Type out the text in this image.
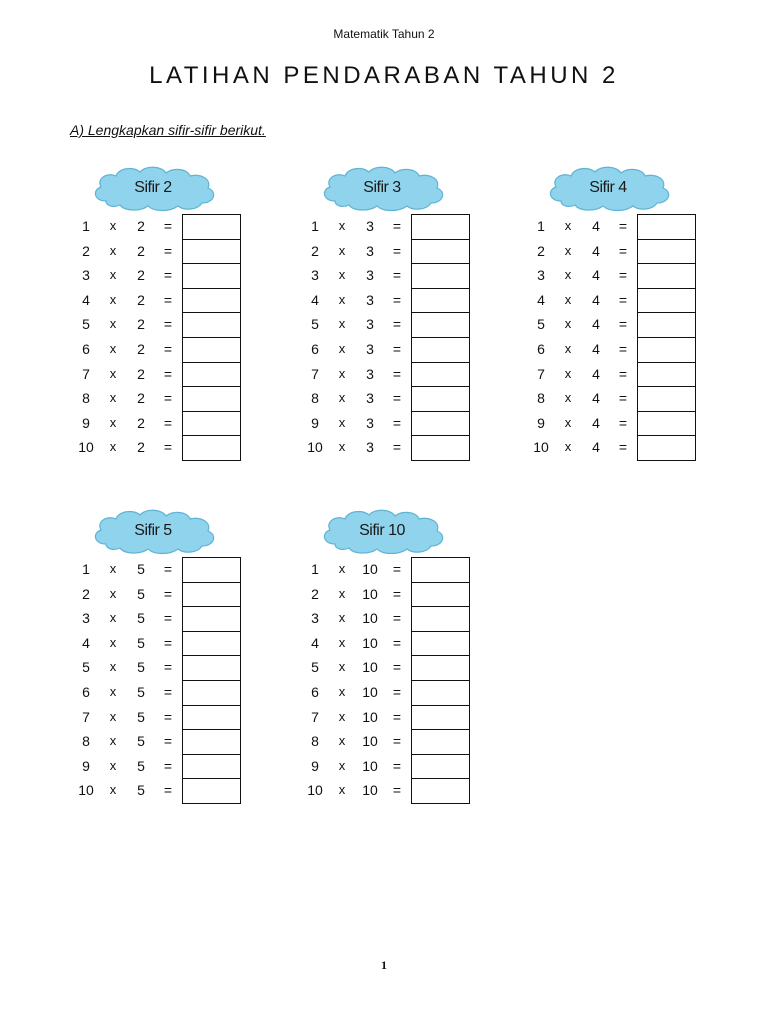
Matematik Tahun 2
LATIHAN PENDARABAN TAHUN 2
A) Lengkapkan sifir-sifir berikut.
Sifir 2
1	x	2	=
2	x	2	=
3	x	2	=
4	x	2	=
5	x	2	=
6	x	2	=
7	x	2	=
8	x	2	=
9	x	2	=
10 x	2	=
Sifir 3
1	x	3	=
2	x	3	=
3	x	3	=
4	x	3	=
5	x	3	=
6	x	3	=
7	x	3	=
8	x	3	=
9	x	3	=
10 x	3	=
Sifir 4
1	x	4	=
2	x	4	=
3	x	4	=
4	x	4	=
5	x	4	=
6	x	4	=
7	x	4	=
8	x	4	=
9	x	4	=
10 x	4	=
Sifir 5
1	x	5	=
2	x	5	=
3	x	5	=
4	x	5	=
5	x	5	=
6	x	5	=
7	x	5	=
8	x	5	=
9	x	5	=
10 x	5	=
Sifir 10
1	x	10	=
2	x	10	=
3	x	10	=
4	x	10	=
5	x	10	=
6	x	10	=
7	x	10	=
8	x	10	=
9	x	10	=
10 x	10	=
1
